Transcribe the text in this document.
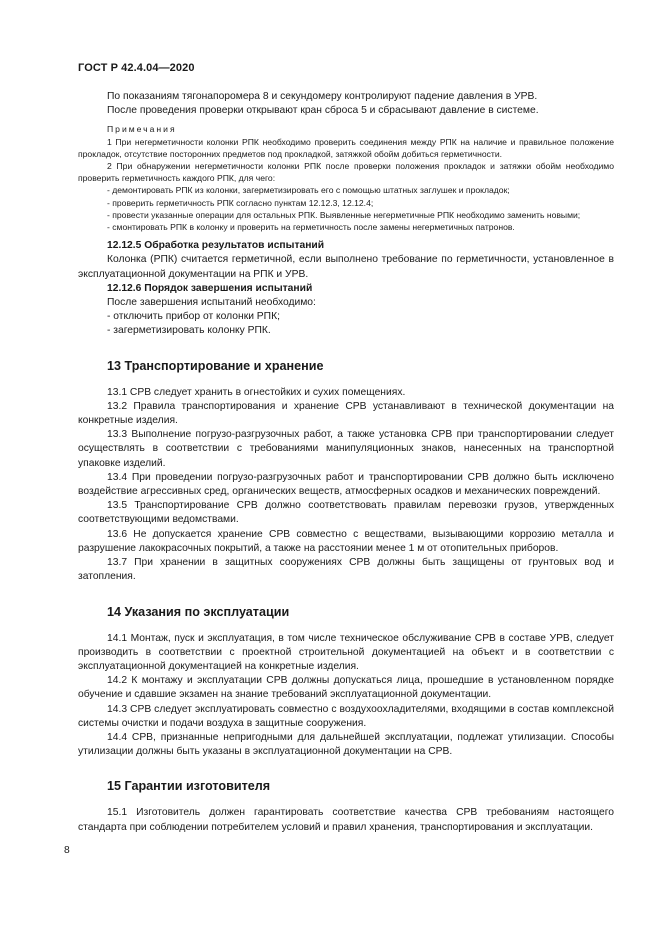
ГОСТ Р 42.4.04—2020

По показаниям тягонапоромера 8 и секундомеру контролируют падение давления в УРВ.

После проведения проверки открывают кран сброса 5 и сбрасывают давление в системе.

Примечания

1 При негерметичности колонки РПК необходимо проверить соединения между РПК на наличие и правильное положение прокладок, отсутствие посторонних предметов под прокладкой, затяжкой обойм добиться герметичности.

2 При обнаружении негерметичности колонки РПК после проверки положения прокладок и затяжки обойм необходимо проверить герметичность каждого РПК, для чего:

- демонтировать РПК из колонки, загерметизировать его с помощью штатных заглушек и прокладок;

- проверить герметичность РПК согласно пунктам 12.12.3, 12.12.4;

- провести указанные операции для остальных РПК. Выявленные негерметичные РПК необходимо заменить новыми;

- смонтировать РПК в колонку и проверить на герметичность после замены негерметичных патронов.

12.12.5 Обработка результатов испытаний

Колонка (РПК) считается герметичной, если выполнено требование по герметичности, установленное в эксплуатационной документации на РПК и УРВ.

12.12.6 Порядок завершения испытаний

После завершения испытаний необходимо:

- отключить прибор от колонки РПК;

- загерметизировать колонку РПК.

13 Транспортирование и хранение

13.1 СРВ следует хранить в огнестойких и сухих помещениях.

13.2 Правила транспортирования и хранение СРВ устанавливают в технической документации на конкретные изделия.

13.3 Выполнение погрузо-разгрузочных работ, а также установка СРВ при транспортировании следует осуществлять в соответствии с требованиями манипуляционных знаков, нанесенных на транспортной упаковке изделий.

13.4 При проведении погрузо-разгрузочных работ и транспортировании СРВ должно быть исключено воздействие агрессивных сред, органических веществ, атмосферных осадков и механических повреждений.

13.5 Транспортирование СРВ должно соответствовать правилам перевозки грузов, утвержденных соответствующими ведомствами.

13.6 Не допускается хранение СРВ совместно с веществами, вызывающими коррозию металла и разрушение лакокрасочных покрытий, а также на расстоянии менее 1 м от отопительных приборов.

13.7 При хранении в защитных сооружениях СРВ должны быть защищены от грунтовых вод и затопления.

14 Указания по эксплуатации

14.1 Монтаж, пуск и эксплуатация, в том числе техническое обслуживание СРВ в составе УРВ, следует производить в соответствии с проектной строительной документацией на объект и в соответствии с эксплуатационной документацией на конкретные изделия.

14.2 К монтажу и эксплуатации СРВ должны допускаться лица, прошедшие в установленном порядке обучение и сдавшие экзамен на знание требований эксплуатационной документации.

14.3 СРВ следует эксплуатировать совместно с воздухоохладителями, входящими в состав комплексной системы очистки и подачи воздуха в защитные сооружения.

14.4 СРВ, признанные непригодными для дальнейшей эксплуатации, подлежат утилизации. Способы утилизации должны быть указаны в эксплуатационной документации на СРВ.

15 Гарантии изготовителя

15.1 Изготовитель должен гарантировать соответствие качества СРВ требованиям настоящего стандарта при соблюдении потребителем условий и правил хранения, транспортирования и эксплуатации.

8
